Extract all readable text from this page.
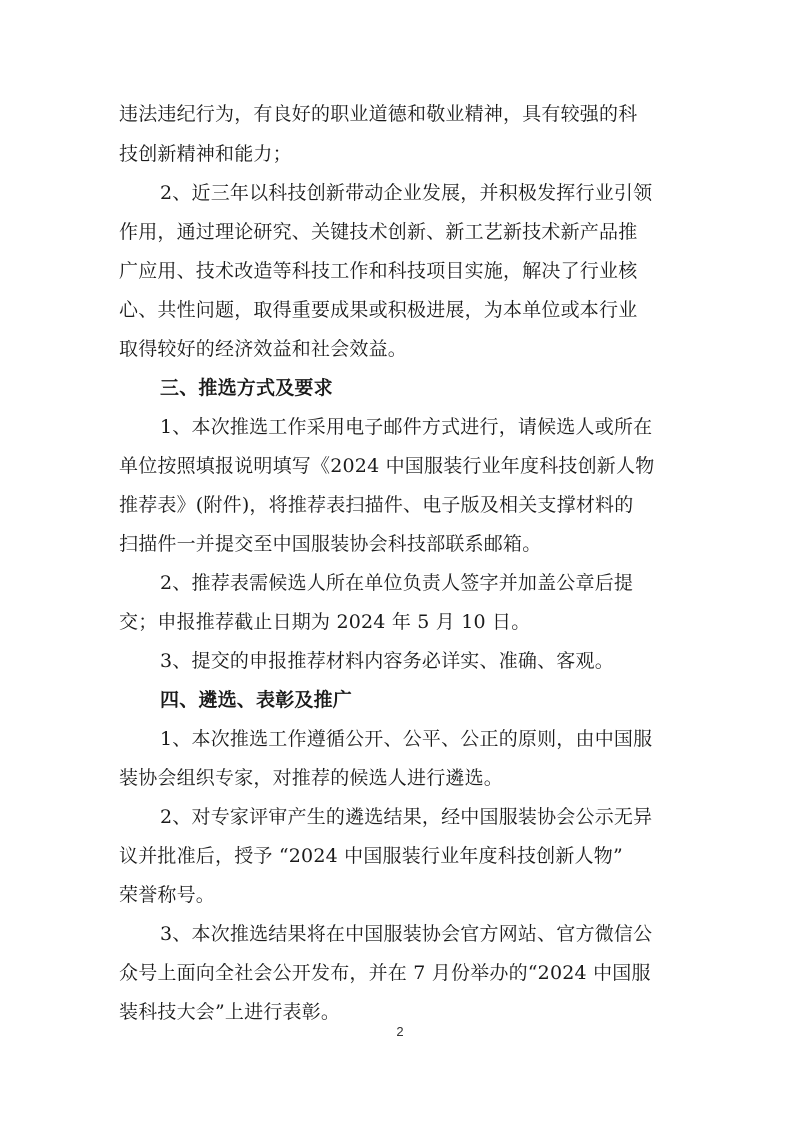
违法违纪行为，有良好的职业道德和敬业精神，具有较强的科
技创新精神和能力；
2、近三年以科技创新带动企业发展，并积极发挥行业引领
作用，通过理论研究、关键技术创新、新工艺新技术新产品推
广应用、技术改造等科技工作和科技项目实施，解决了行业核
心、共性问题，取得重要成果或积极进展，为本单位或本行业
取得较好的经济效益和社会效益。
三、推选方式及要求
1、本次推选工作采用电子邮件方式进行，请候选人或所在
单位按照填报说明填写《2024 中国服装行业年度科技创新人物
推荐表》(附件)，将推荐表扫描件、电子版及相关支撑材料的
扫描件一并提交至中国服装协会科技部联系邮箱。
2、推荐表需候选人所在单位负责人签字并加盖公章后提
交；申报推荐截止日期为 2024 年 5 月 10 日。
3、提交的申报推荐材料内容务必详实、准确、客观。
四、遴选、表彰及推广
1、本次推选工作遵循公开、公平、公正的原则，由中国服
装协会组织专家，对推荐的候选人进行遴选。
2、对专家评审产生的遴选结果，经中国服装协会公示无异
议并批准后，授予 “2024 中国服装行业年度科技创新人物”
荣誉称号。
3、本次推选结果将在中国服装协会官方网站、官方微信公
众号上面向全社会公开发布，并在 7 月份举办的“2024 中国服
装科技大会”上进行表彰。
2
